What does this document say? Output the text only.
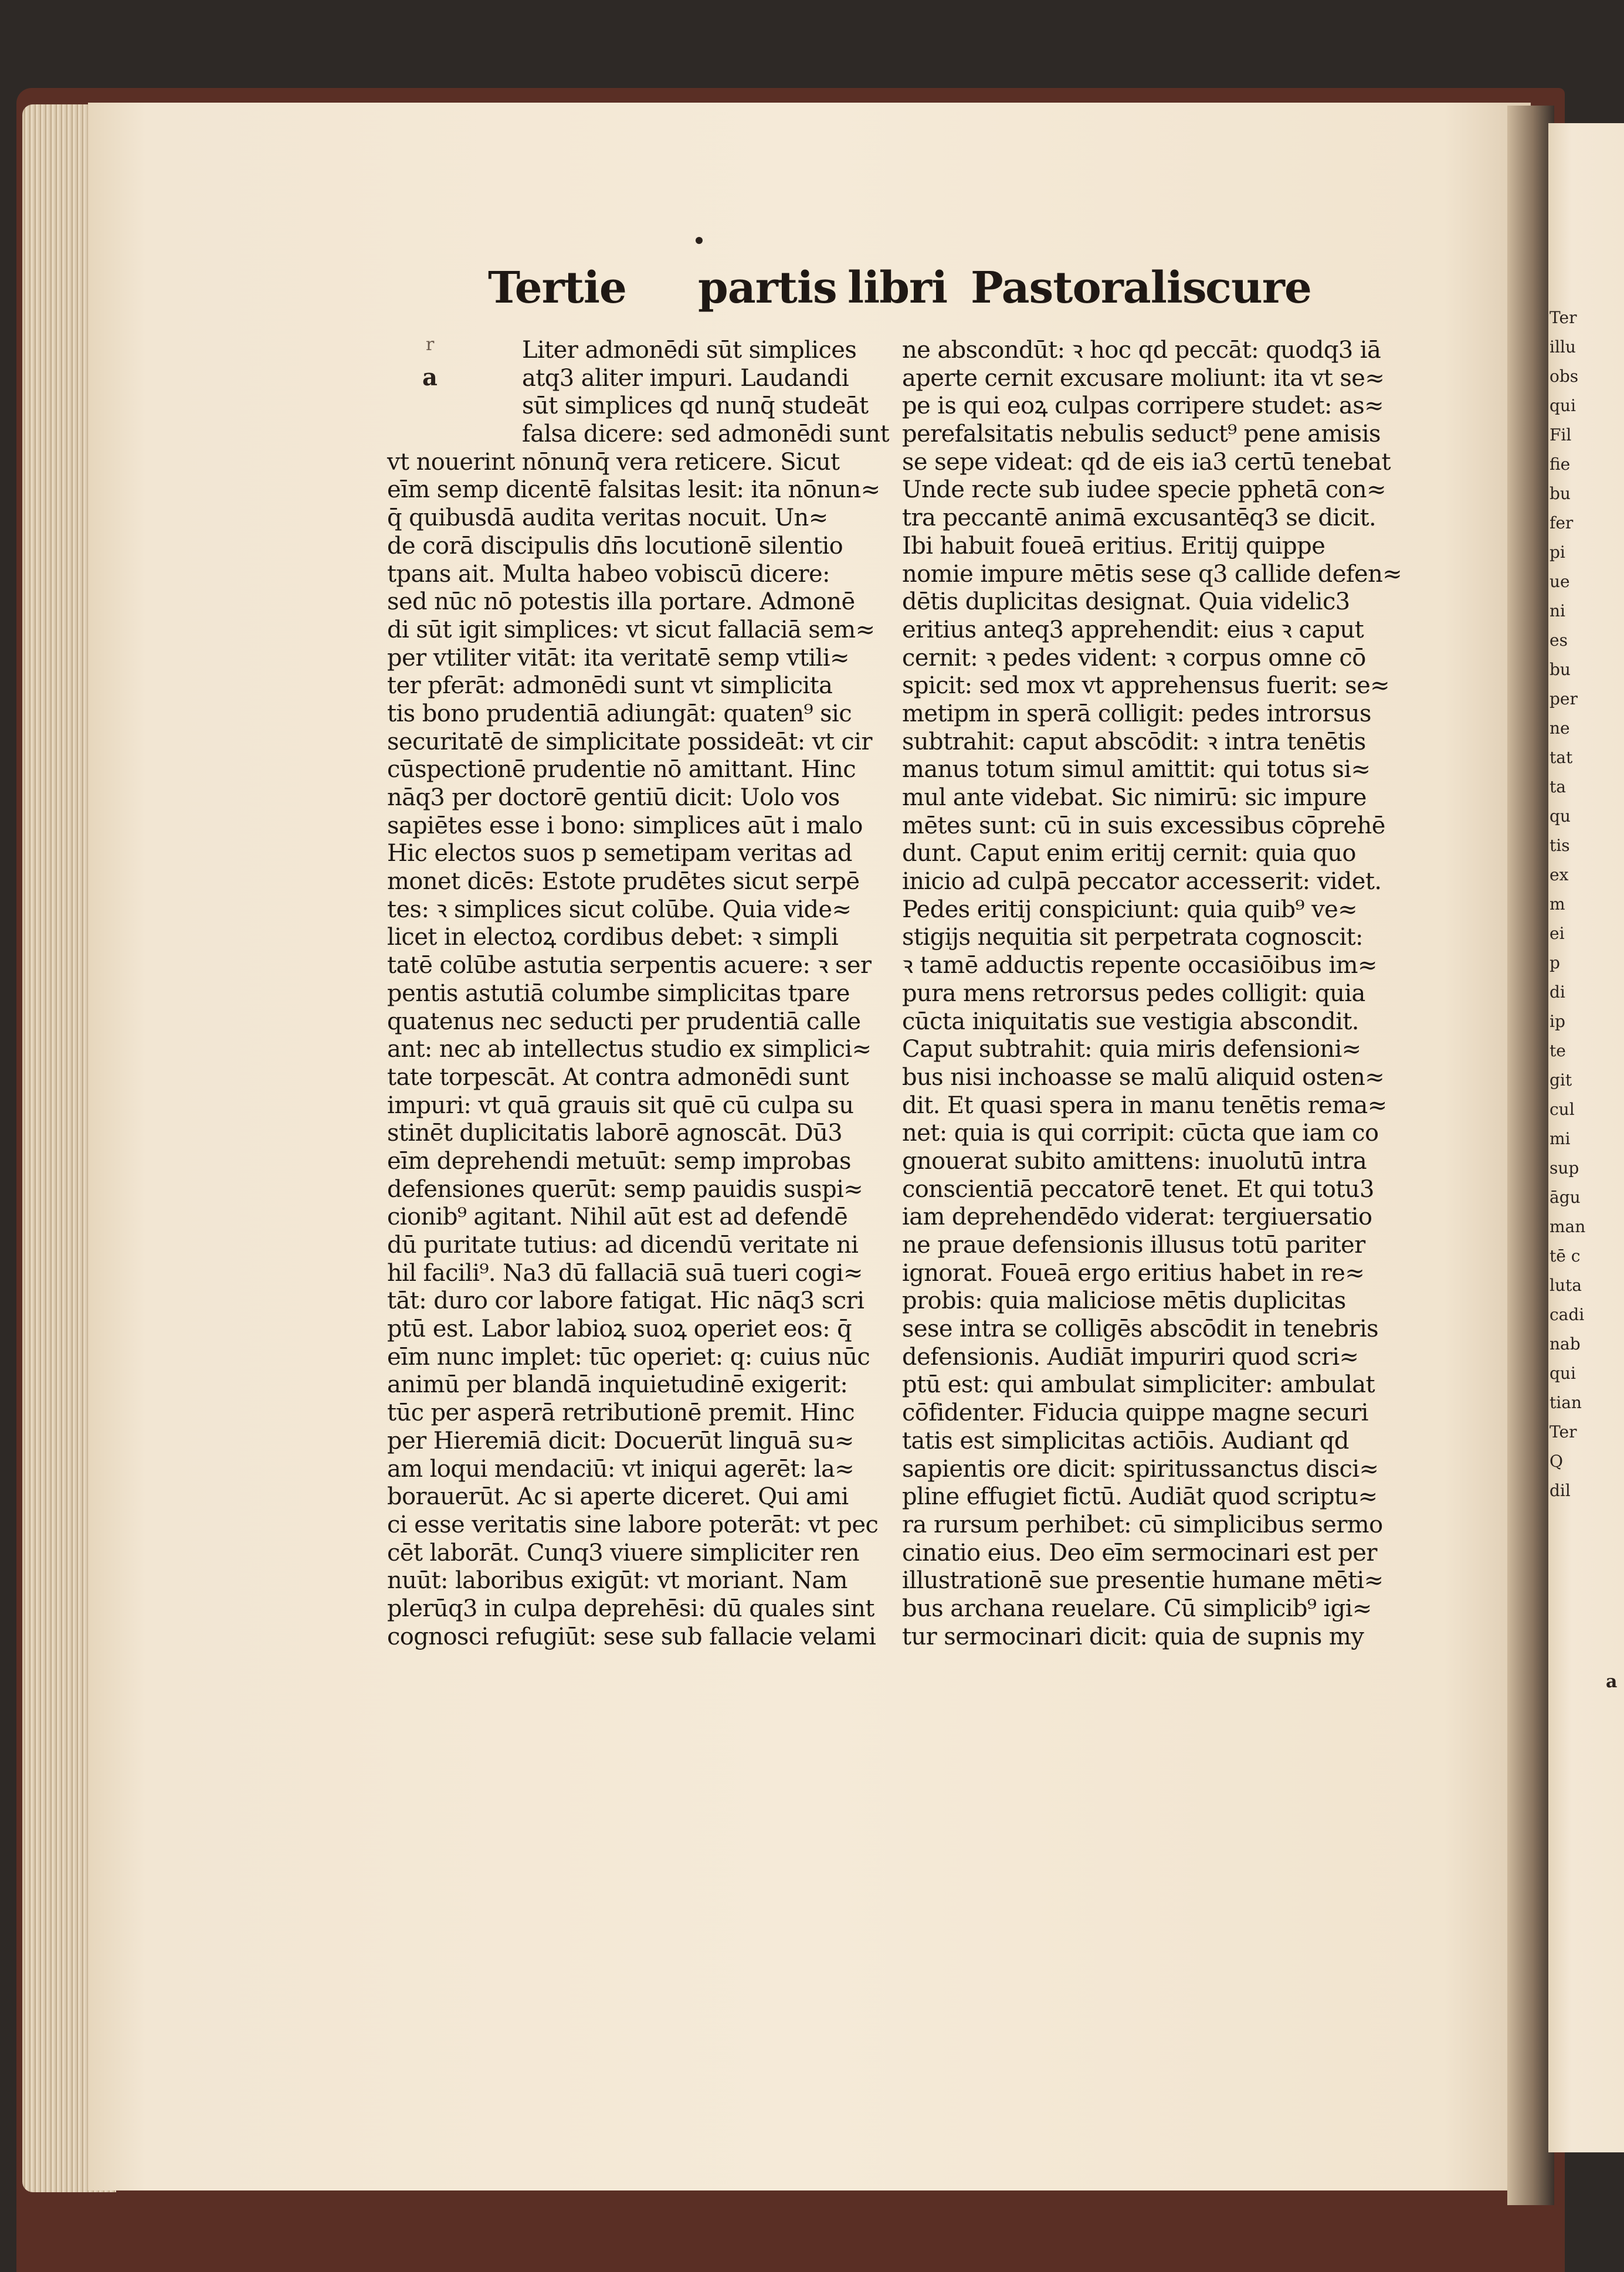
Ter
illu
obs
qui
Fil
fie
bu
fer
pi
ue
ni
es
bu
per
ne
tat
ta
qu
tis
ex
m
ei
p
di
ip
te
git
cul
mi
sup
āgu
man
tē c
luta
cadi
nab
qui
tian
Ter
Q
dil
Tertie partis libri Pastoralis
cure
r
a
a
Liter admonēdi sūt simplices
atq3 aliter impuri. Laudandi
sūt simplices qd nunq̄ studeāt
falsa dicere: sed admonēdi sunt
vt nouerint nōnunq̄ vera reticere. Sicut
eīm semp dicentē falsitas lesit: ita nōnun≈
q̄ quibusdā audita veritas nocuit. Un≈
de corā discipulis dn̄s locutionē silentio
tpans ait. Multa habeo vobiscū dicere:
sed nūc nō potestis illa portare. Admonē
di sūt igit simplices: vt sicut fallaciā sem≈
per vtiliter vitāt: ita veritatē semp vtili≈
ter pferāt: admonēdi sunt vt simplicita
tis bono prudentiā adiungāt: quaten⁹ sic
securitatē de simplicitate possideāt: vt cir
cūspectionē prudentie nō amittant. Hinc
nāq3 per doctorē gentiū dicit: Uolo vos
sapiētes esse i bono: simplices aūt i malo
Hic electos suos p semetipam veritas ad
monet dicēs: Estote prudētes sicut serpē
tes: ꝛ simplices sicut colūbe. Quia vide≈
licet in electoꝝ cordibus debet: ꝛ simpli
tatē colūbe astutia serpentis acuere: ꝛ ser
pentis astutiā columbe simplicitas tpare
quatenus nec seducti per prudentiā calle
ant: nec ab intellectus studio ex simplici≈
tate torpescāt. At contra admonēdi sunt
impuri: vt quā grauis sit quē cū culpa su
stinēt duplicitatis laborē agnoscāt. Dū3
eīm deprehendi metuūt: semp improbas
defensiones querūt: semp pauidis suspi≈
cionib⁹ agitant. Nihil aūt est ad defendē
dū puritate tutius: ad dicendū veritate ni
hil facili⁹. Na3 dū fallaciā suā tueri cogi≈
tāt: duro cor labore fatigat. Hic nāq3 scri
ptū est. Labor labioꝝ suoꝝ operiet eos: q̄
eīm nunc implet: tūc operiet: q: cuius nūc
animū per blandā inquietudinē exigerit:
tūc per asperā retributionē premit. Hinc
per Hieremiā dicit: Docuerūt linguā su≈
am loqui mendaciū: vt iniqui agerēt: la≈
borauerūt. Ac si aperte diceret. Qui ami
ci esse veritatis sine labore poterāt: vt pec
cēt laborāt. Cunq3 viuere simpliciter ren
nuūt: laboribus exigūt: vt moriant. Nam
plerūq3 in culpa deprehēsi: dū quales sint
cognosci refugiūt: sese sub fallacie velami
ne abscondūt: ꝛ hoc qd peccāt: quodq3 iā
aperte cernit excusare moliunt: ita vt se≈
pe is qui eoꝝ culpas corripere studet: as≈
perefalsitatis nebulis seduct⁹ pene amisis
se sepe videat: qd de eis ia3 certū tenebat
Unde recte sub iudee specie pphetā con≈
tra peccantē animā excusantēq3 se dicit.
Ibi habuit foueā eritius. Eritij quippe
nomie impure mētis sese q3 callide defen≈
dētis duplicitas designat. Quia videlic3
eritius anteq3 apprehendit: eius ꝛ caput
cernit: ꝛ pedes vident: ꝛ corpus omne cō
spicit: sed mox vt apprehensus fuerit: se≈
metipm in sperā colligit: pedes introrsus
subtrahit: caput abscōdit: ꝛ intra tenētis
manus totum simul amittit: qui totus si≈
mul ante videbat. Sic nimirū: sic impure
mētes sunt: cū in suis excessibus cōprehē
dunt. Caput enim eritij cernit: quia quo
inicio ad culpā peccator accesserit: videt.
Pedes eritij conspiciunt: quia quib⁹ ve≈
stigijs nequitia sit perpetrata cognoscit:
ꝛ tamē adductis repente occasiōibus im≈
pura mens retrorsus pedes colligit: quia
cūcta iniquitatis sue vestigia abscondit.
Caput subtrahit: quia miris defensioni≈
bus nisi inchoasse se malū aliquid osten≈
dit. Et quasi spera in manu tenētis rema≈
net: quia is qui corripit: cūcta que iam co
gnouerat subito amittens: inuolutū intra
conscientiā peccatorē tenet. Et qui totu3
iam deprehendēdo viderat: tergiuersatio
ne praue defensionis illusus totū pariter
ignorat. Foueā ergo eritius habet in re≈
probis: quia maliciose mētis duplicitas
sese intra se colligēs abscōdit in tenebris
defensionis. Audiāt impuriri quod scri≈
ptū est: qui ambulat simpliciter: ambulat
cōfidenter. Fiducia quippe magne securi
tatis est simplicitas actiōis. Audiant qd
sapientis ore dicit: spiritussanctus disci≈
pline effugiet fictū. Audiāt quod scriptu≈
ra rursum perhibet: cū simplicibus sermo
cinatio eius. Deo eīm sermocinari est per
illustrationē sue presentie humane mēti≈
bus archana reuelare. Cū simplicib⁹ igi≈
tur sermocinari dicit: quia de supnis my
